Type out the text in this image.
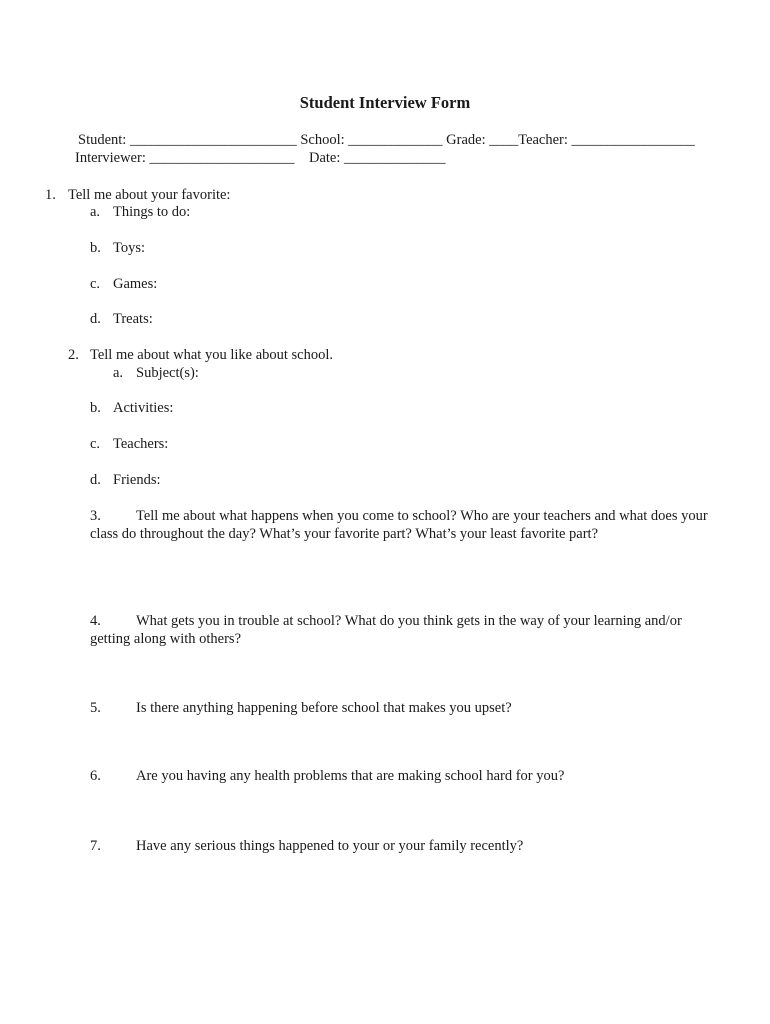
Student Interview Form
Student: _______________________ School: _____________ Grade: ____Teacher: _________________
Interviewer: ____________________    Date: ______________
1. Tell me about your favorite:
a. Things to do:
b. Toys:
c. Games:
d. Treats:
2. Tell me about what you like about school.
a. Subject(s):
b. Activities:
c. Teachers:
d. Friends:
3. Tell me about what happens when you come to school? Who are your teachers and what does your
class do throughout the day? What’s your favorite part? What’s your least favorite part?
4. What gets you in trouble at school? What do you think gets in the way of your learning and/or
getting along with others?
5. Is there anything happening before school that makes you upset?
6. Are you having any health problems that are making school hard for you?
7. Have any serious things happened to your or your family recently?
